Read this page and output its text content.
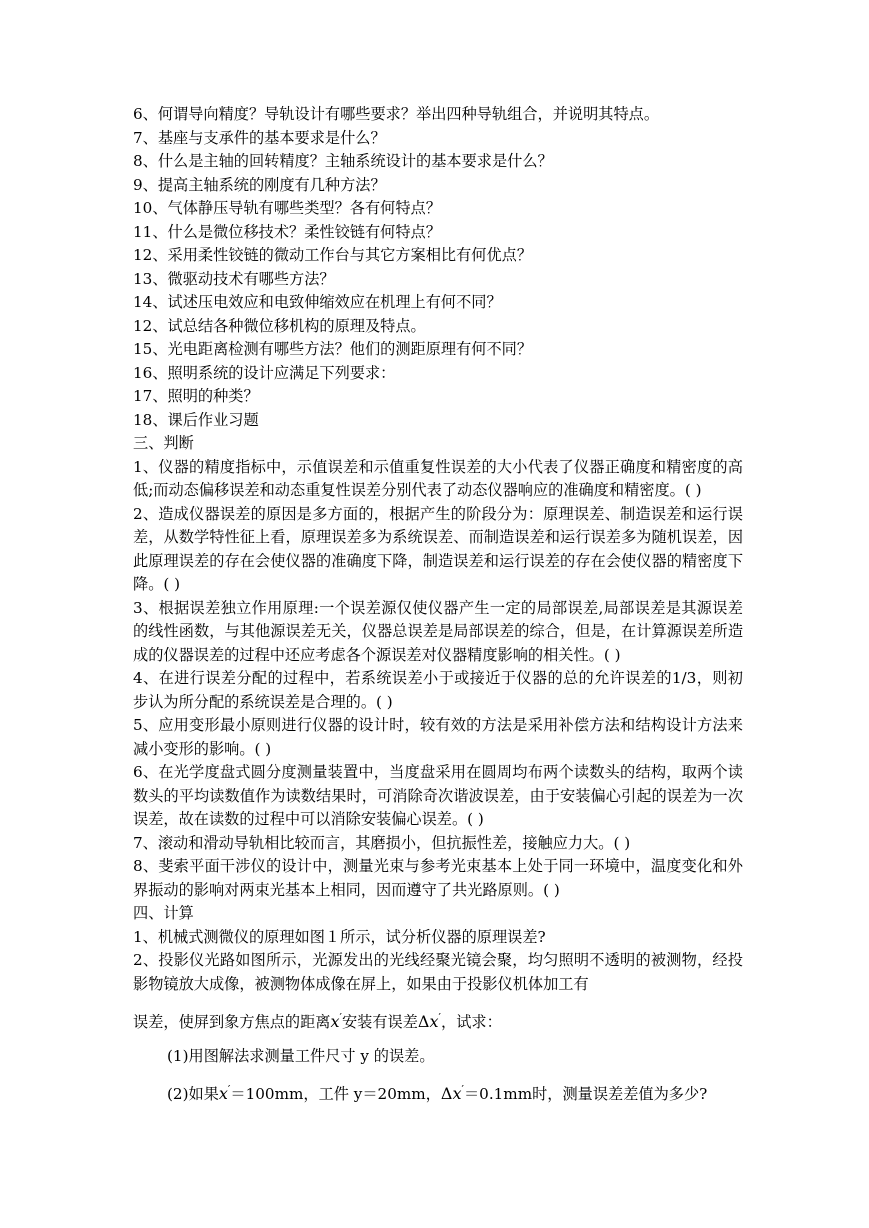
6、何谓导向精度？导轨设计有哪些要求？举出四种导轨组合，并说明其特点。
7、基座与支承件的基本要求是什么？
8、什么是主轴的回转精度？主轴系统设计的基本要求是什么？
9、提高主轴系统的刚度有几种方法？
10、气体静压导轨有哪些类型？各有何特点？
11、什么是微位移技术？柔性铰链有何特点？
12、采用柔性铰链的微动工作台与其它方案相比有何优点？
13、微驱动技术有哪些方法？
14、试述压电效应和电致伸缩效应在机理上有何不同？
12、试总结各种微位移机构的原理及特点。
15、光电距离检测有哪些方法？他们的测距原理有何不同？
16、照明系统的设计应满足下列要求：
17、照明的种类？
18、课后作业习题
三、判断
1、仪器的精度指标中，示值误差和示值重复性误差的大小代表了仪器正确度和精密度的高低;而动态偏移误差和动态重复性误差分别代表了动态仪器响应的准确度和精密度。( )
2、造成仪器误差的原因是多方面的，根据产生的阶段分为：原理误差、制造误差和运行误差，从数学特性征上看，原理误差多为系统误差、而制造误差和运行误差多为随机误差，因此原理误差的存在会使仪器的准确度下降，制造误差和运行误差的存在会使仪器的精密度下降。( )
3、根据误差独立作用原理:一个误差源仅使仪器产生一定的局部误差,局部误差是其源误差的线性函数，与其他源误差无关，仪器总误差是局部误差的综合，但是，在计算源误差所造成的仪器误差的过程中还应考虑各个源误差对仪器精度影响的相关性。( )
4、在进行误差分配的过程中，若系统误差小于或接近于仪器的总的允许误差的1/3，则初步认为所分配的系统误差是合理的。( )
5、应用变形最小原则进行仪器的设计时，较有效的方法是采用补偿方法和结构设计方法来减小变形的影响。( )
6、在光学度盘式圆分度测量装置中，当度盘采用在圆周均布两个读数头的结构，取两个读数头的平均读数值作为读数结果时，可消除奇次谐波误差，由于安装偏心引起的误差为一次误差，故在读数的过程中可以消除安装偏心误差。( )
7、滚动和滑动导轨相比较而言，其磨损小，但抗振性差，接触应力大。( )
8、斐索平面干涉仪的设计中，测量光束与参考光束基本上处于同一环境中，温度变化和外界振动的影响对两束光基本上相同，因而遵守了共光路原则。( )
四、计算
1、机械式测微仪的原理如图１所示，试分析仪器的原理误差?
2、投影仪光路如图所示，光源发出的光线经聚光镜会聚，均匀照明不透明的被测物，经投影物镜放大成像，被测物体成像在屏上，如果由于投影仪机体加工有
误差，使屏到象方焦点的距离x′安装有误差Δx′，试求：
(1)用图解法求测量工件尺寸 y 的误差。
(2)如果x′＝100mm，工件 y＝20mm，Δx′＝0.1mm时，测量误差差值为多少?
